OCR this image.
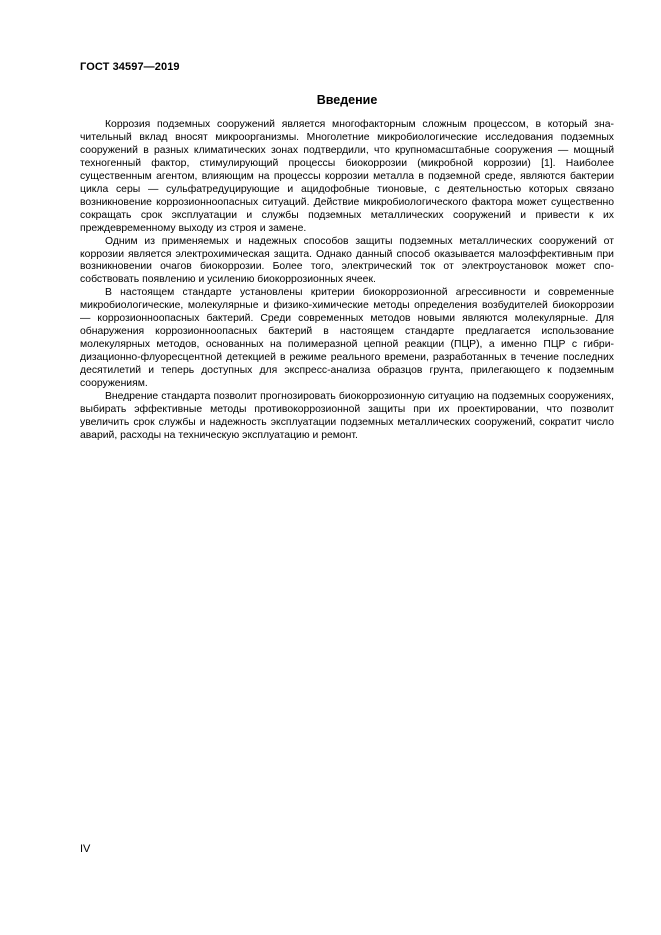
ГОСТ 34597—2019
Введение

Коррозия подземных сооружений является многофакторным сложным процессом, в который значительный вклад вносят микроорганизмы. Многолетние микробиологические исследования подземных сооружений в разных климатических зонах подтвердили, что крупномасштабные сооружения — мощный техногенный фактор, стимулирующий процессы биокоррозии (микробной коррозии) [1]. Наиболее существенным агентом, влияющим на процессы коррозии металла в подземной среде, являются бактерии цикла серы — сульфатредуцирующие и ацидофобные тионовые, с деятельностью которых связано возникновение коррозионноопасных ситуаций. Действие микробиологического фактора может существенно сокращать срок эксплуатации и службы подземных металлических сооружений и привести к их преждевременному выходу из строя и замене.

Одним из применяемых и надежных способов защиты подземных металлических сооружений от коррозии является электрохимическая защита. Однако данный способ оказывается малоэффективным при возникновении очагов биокоррозии. Более того, электрический ток от электроустановок может способствовать появлению и усилению биокоррозионных ячеек.

В настоящем стандарте установлены критерии биокоррозионной агрессивности и современные микробиологические, молекулярные и физико-химические методы определения возбудителей биокоррозии — коррозионноопасных бактерий. Среди современных методов новыми являются молекулярные. Для обнаружения коррозионноопасных бактерий в настоящем стандарте предлагается использование молекулярных методов, основанных на полимеразной цепной реакции (ПЦР), а именно ПЦР с гибридизационно-флуоресцентной детекцией в режиме реального времени, разработанных в течение последних десятилетий и теперь доступных для экспресс-анализа образцов грунта, прилегающего к подземным сооружениям.

Внедрение стандарта позволит прогнозировать биокоррозионную ситуацию на подземных сооружениях, выбирать эффективные методы противокоррозионной защиты при их проектировании, что позволит увеличить срок службы и надежность эксплуатации подземных металлических сооружений, сократит число аварий, расходы на техническую эксплуатацию и ремонт.

IV
